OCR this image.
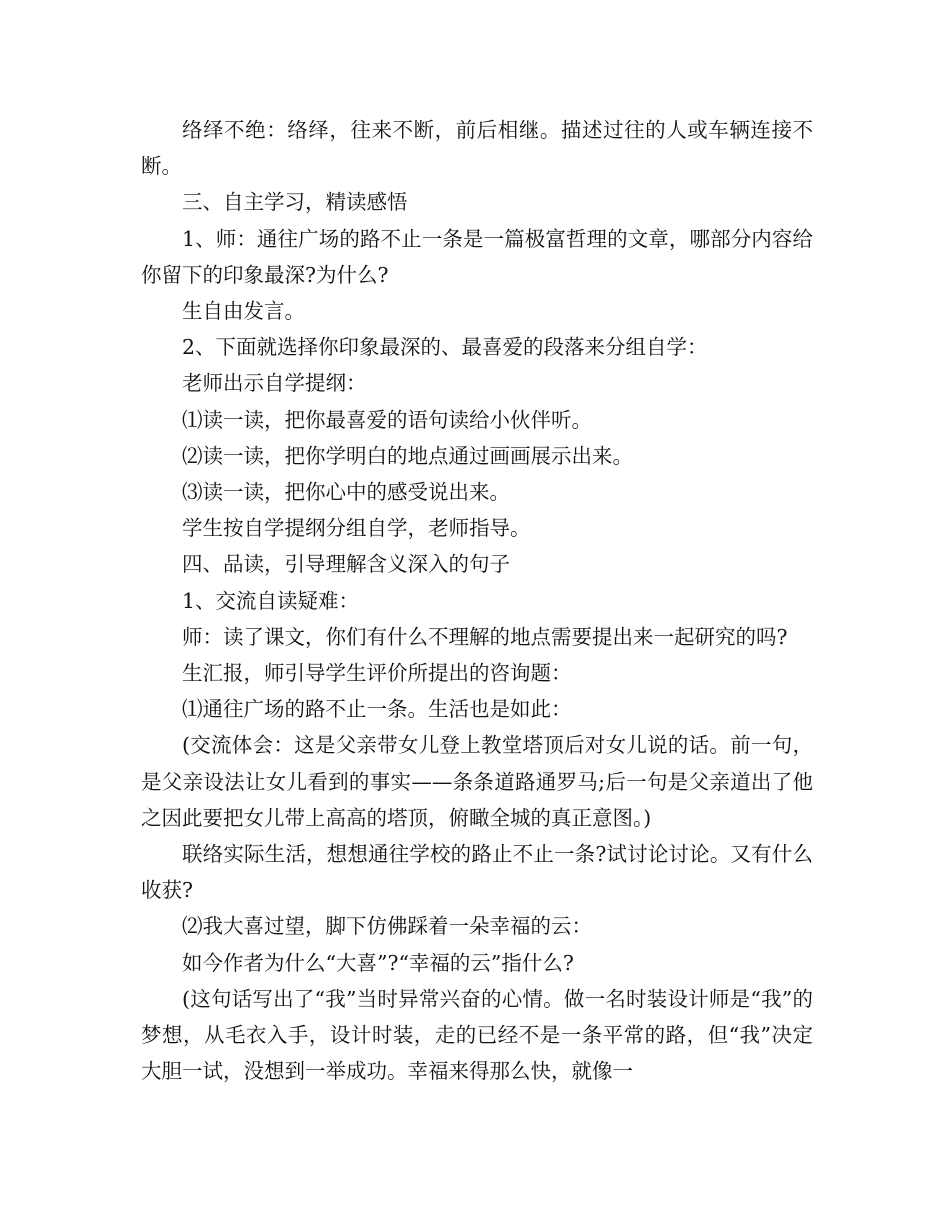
络绎不绝：络绎，往来不断，前后相继。描述过往的人或车辆连接不断。

三、自主学习，精读感悟

1、师：通往广场的路不止一条是一篇极富哲理的文章，哪部分内容给你留下的印象最深?为什么?

生自由发言。

2、下面就选择你印象最深的、最喜爱的段落来分组自学：

老师出示自学提纲：

⑴读一读，把你最喜爱的语句读给小伙伴听。

⑵读一读，把你学明白的地点通过画画展示出来。

⑶读一读，把你心中的感受说出来。

学生按自学提纲分组自学，老师指导。

四、品读，引导理解含义深入的句子

1、交流自读疑难：

师：读了课文，你们有什么不理解的地点需要提出来一起研究的吗?

生汇报，师引导学生评价所提出的咨询题：

⑴通往广场的路不止一条。生活也是如此：

(交流体会：这是父亲带女儿登上教堂塔顶后对女儿说的话。前一句，是父亲设法让女儿看到的事实——条条道路通罗马;后一句是父亲道出了他之因此要把女儿带上高高的塔顶，俯瞰全城的真正意图。)

联络实际生活，想想通往学校的路止不止一条?试讨论讨论。又有什么收获?

⑵我大喜过望，脚下仿佛踩着一朵幸福的云：

如今作者为什么“大喜”?“幸福的云”指什么?

(这句话写出了“我”当时异常兴奋的心情。做一名时装设计师是“我”的梦想，从毛衣入手，设计时装，走的已经不是一条平常的路，但“我”决定大胆一试，没想到一举成功。幸福来得那么快，就像一
